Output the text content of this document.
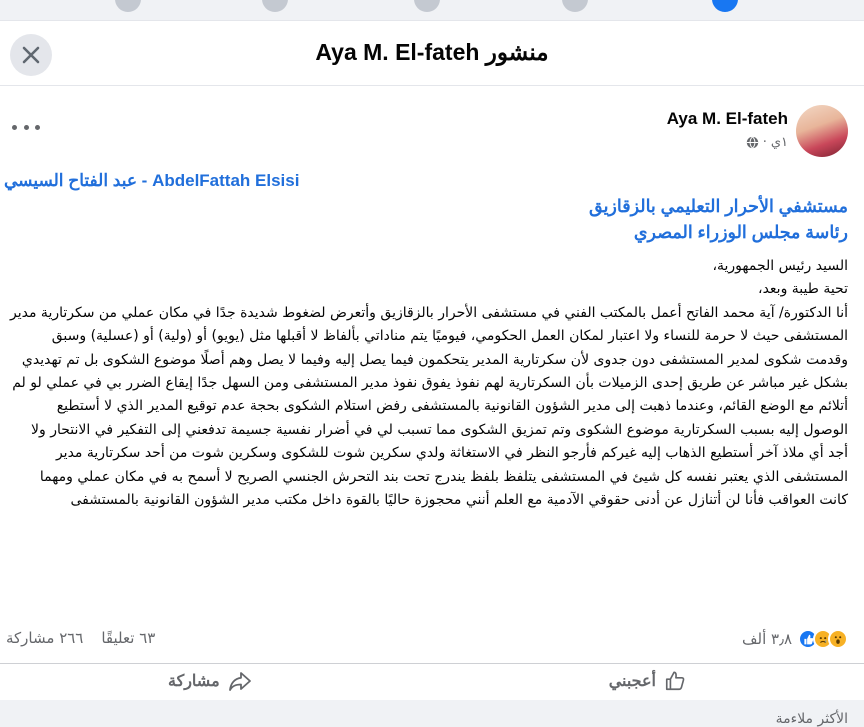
منشور Aya M. El-fateh
Aya M. El-fateh
١ي
·
AbdelFattah Elsisi - عبد الفتاح السيسي
مستشفي الأحرار التعليمي بالزقازيق
رئاسة مجلس الوزراء المصري

السيد رئيس الجمهورية،

تحية طيبة وبعد،

أنا الدكتورة/ آية محمد الفاتح أعمل بالمكتب الفني في مستشفى الأحرار بالزقازيق وأتعرض لضغوط شديدة جدًا في مكان عملي من سكرتارية مدير المستشفى حيث لا حرمة للنساء ولا اعتبار لمكان العمل الحكومي، فيوميًا يتم مناداتي بألفاظ لا أقبلها مثل (يويو) أو (ولية) أو (عسلية) وسبق وقدمت شكوى لمدير المستشفى دون جدوى لأن سكرتارية المدير يتحكمون فيما يصل إليه وفيما لا يصل وهم أصلًا موضوع الشكوى بل تم تهديدي بشكل غير مباشر عن طريق إحدى الزميلات بأن السكرتارية لهم نفوذ يفوق نفوذ مدير المستشفى ومن السهل جدًا إيقاع الضرر بي في عملي لو لم أتلائم مع الوضع القائم، وعندما ذهبت إلى مدير الشؤون القانونية بالمستشفى رفض استلام الشكوى بحجة عدم توقيع المدير الذي لا أستطيع الوصول إليه بسبب السكرتارية موضوع الشكوى وتم تمزيق الشكوى مما تسبب لي في أضرار نفسية جسيمة تدفعني إلى التفكير في الانتحار ولا أجد أي ملاذ آخر أستطيع الذهاب إليه غيركم فأرجو النظر في الاستغاثة ولدي سكرين شوت للشكوى وسكرين شوت من أحد سكرتارية مدير المستشفى الذي يعتبر نفسه كل شيئ في المستشفى يتلفظ بلفظ يندرج تحت بند التحرش الجنسي الصريح لا أسمح به في مكان عملي ومهما كانت العواقب فأنا لن أتنازل عن أدنى حقوقي الآدمية مع العلم أنني محجوزة حاليًا بالقوة داخل مكتب مدير الشؤون القانونية بالمستشفى

٣٫٨ ألف
٦٣ تعليقًا
٢٦٦ مشاركة
أعجبني
مشاركة
الأكثر ملاءمة
